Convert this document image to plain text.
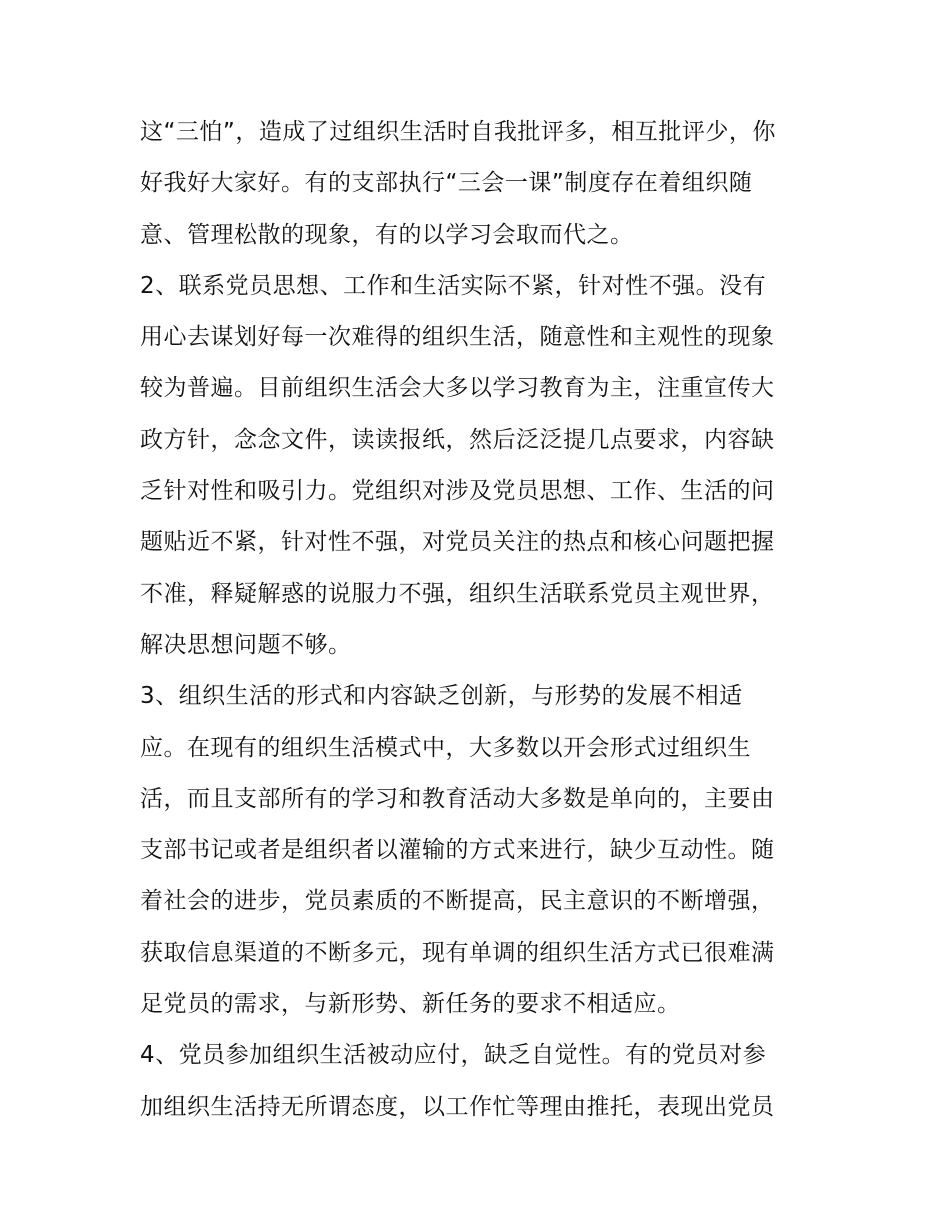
这“三怕”，造成了过组织生活时自我批评多，相互批评少，你
好我好大家好。有的支部执行“三会一课”制度存在着组织随
意、管理松散的现象，有的以学习会取而代之。
2、联系党员思想、工作和生活实际不紧，针对性不强。没有
用心去谋划好每一次难得的组织生活，随意性和主观性的现象
较为普遍。目前组织生活会大多以学习教育为主，注重宣传大
政方针，念念文件，读读报纸，然后泛泛提几点要求，内容缺
乏针对性和吸引力。党组织对涉及党员思想、工作、生活的问
题贴近不紧，针对性不强，对党员关注的热点和核心问题把握
不准，释疑解惑的说服力不强，组织生活联系党员主观世界，
解决思想问题不够。
3、组织生活的形式和内容缺乏创新，与形势的发展不相适
应。在现有的组织生活模式中，大多数以开会形式过组织生
活，而且支部所有的学习和教育活动大多数是单向的，主要由
支部书记或者是组织者以灌输的方式来进行，缺少互动性。随
着社会的进步，党员素质的不断提高，民主意识的不断增强，
获取信息渠道的不断多元，现有单调的组织生活方式已很难满
足党员的需求，与新形势、新任务的要求不相适应。
4、党员参加组织生活被动应付，缺乏自觉性。有的党员对参
加组织生活持无所谓态度，以工作忙等理由推托，表现出党员
